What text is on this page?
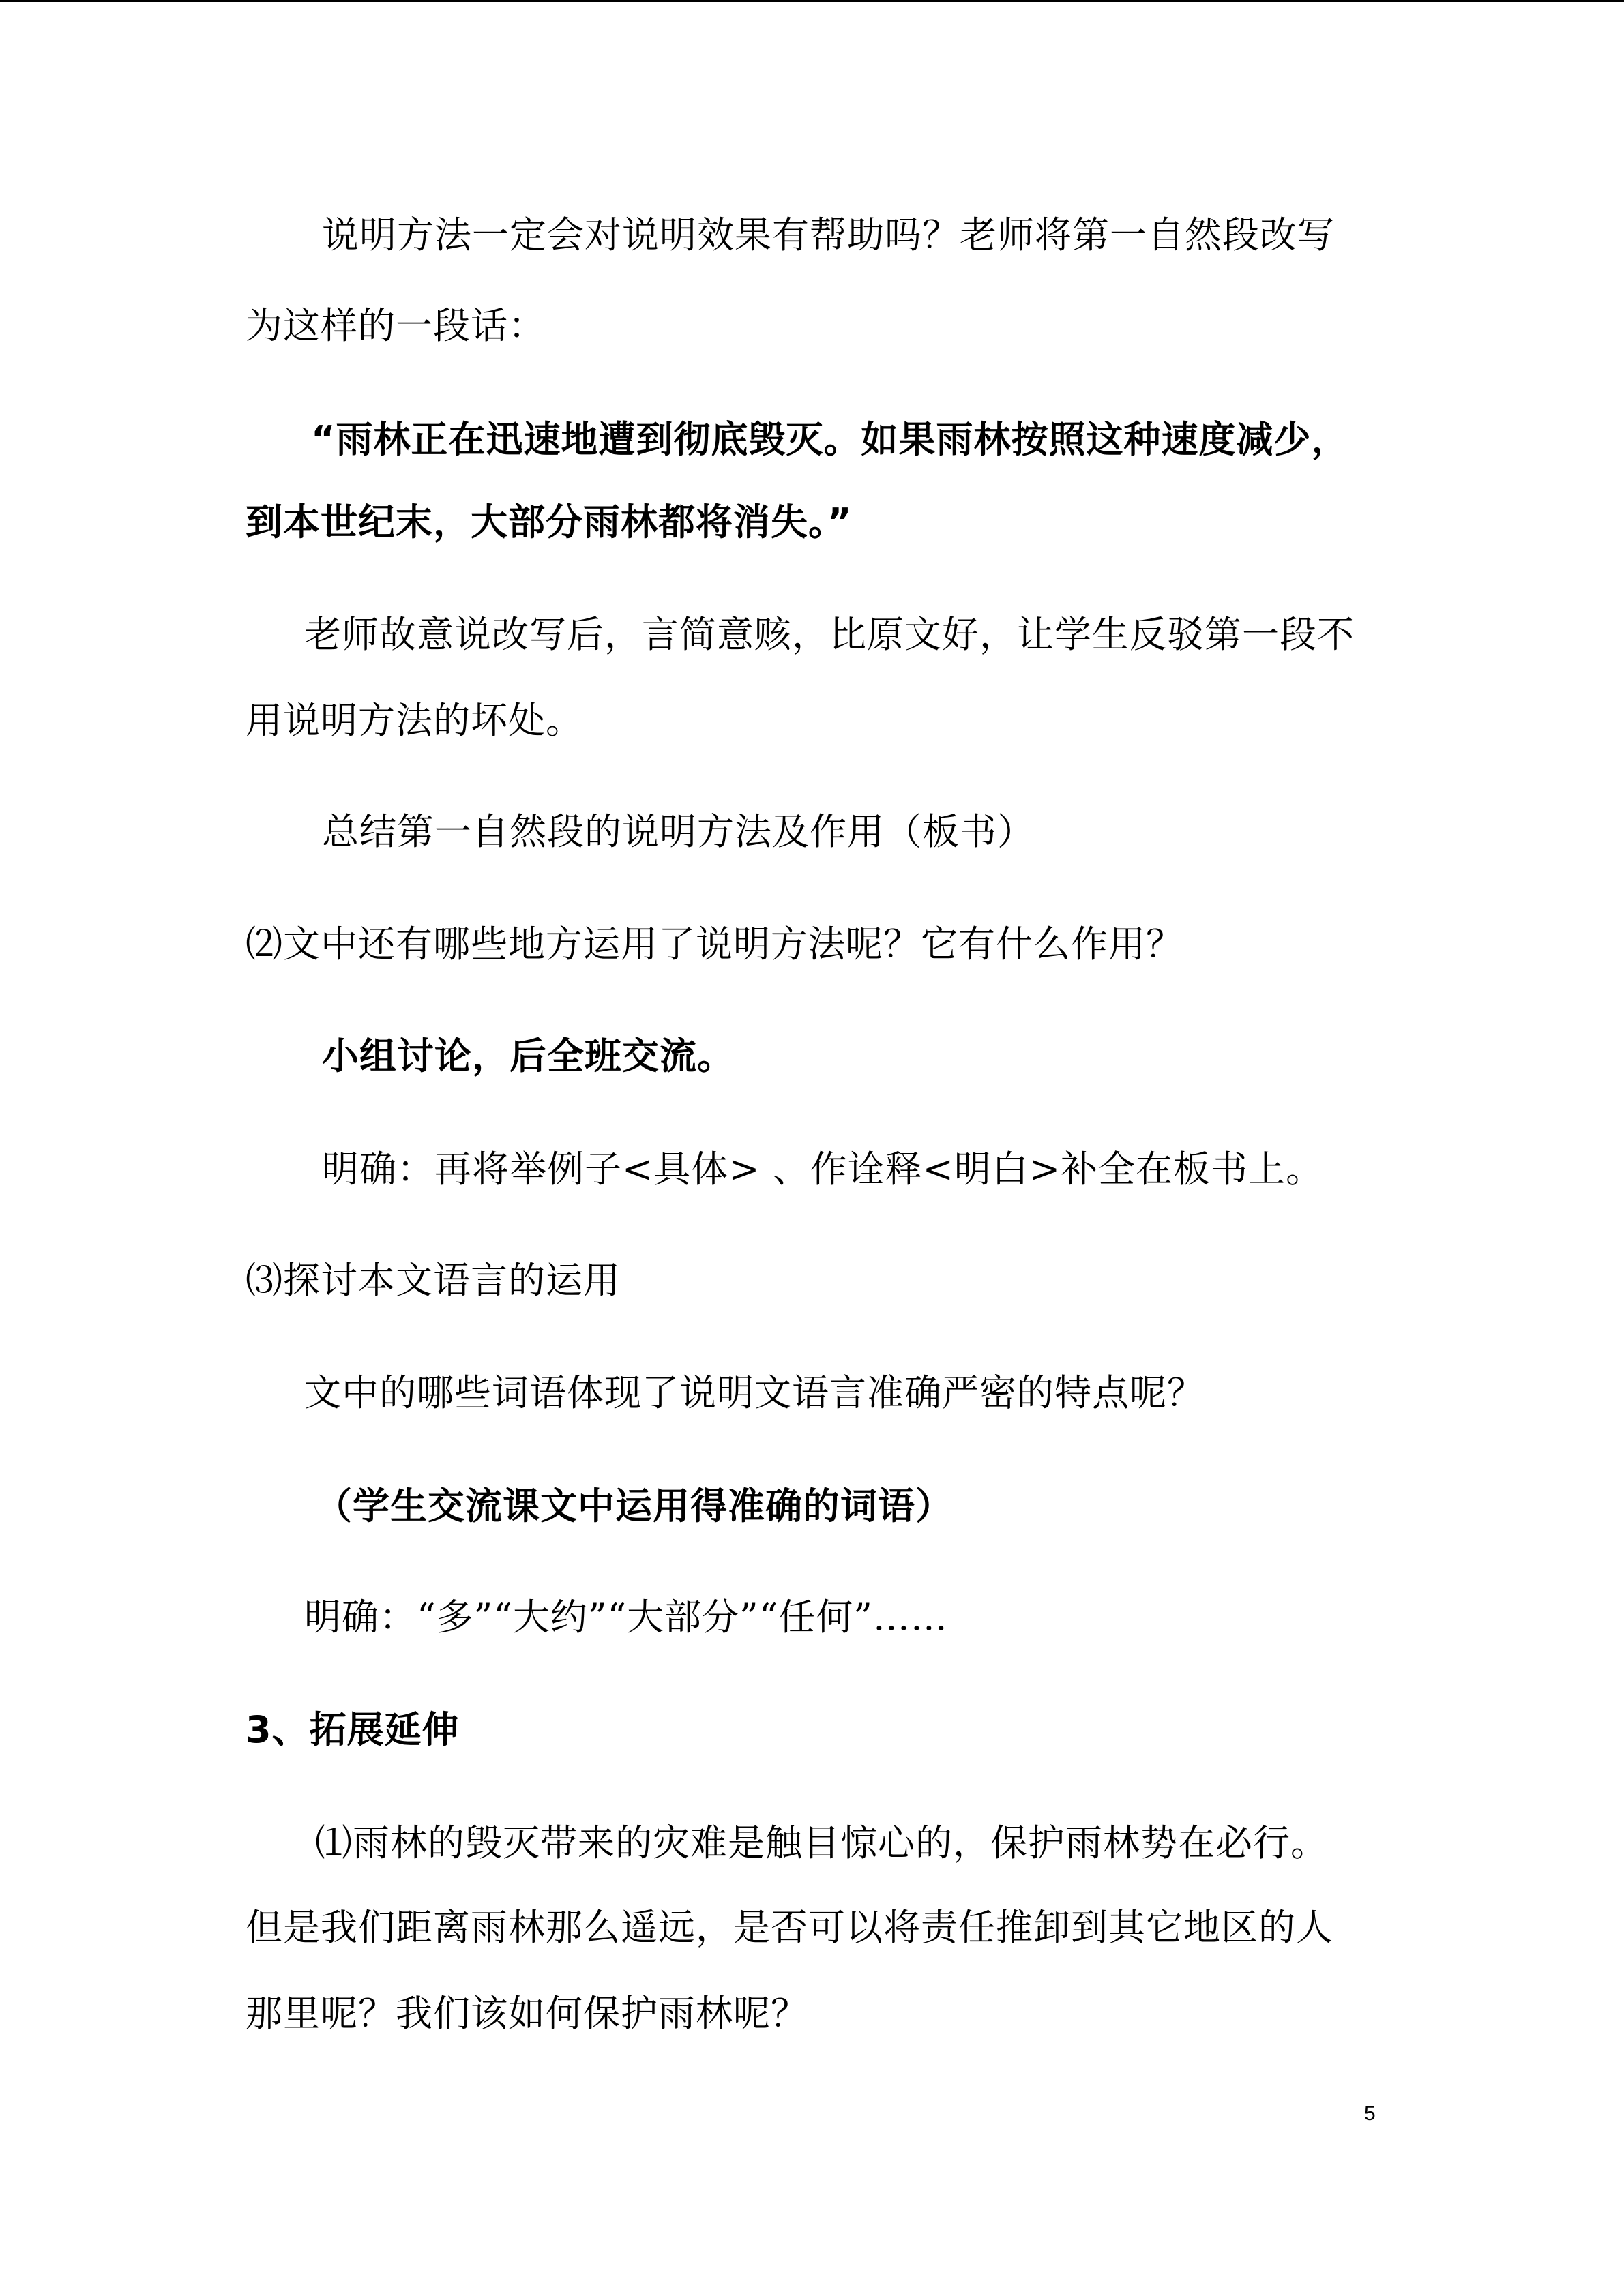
说明方法一定会对说明效果有帮助吗？老师将第一自然段改写
为这样的一段话：
“雨林正在迅速地遭到彻底毁灭。如果雨林按照这种速度减少，
到本世纪末，大部分雨林都将消失。”
老师故意说改写后，言简意赅，比原文好，让学生反驳第一段不
用说明方法的坏处。
总结第一自然段的说明方法及作用（板书）
⑵文中还有哪些地方运用了说明方法呢？它有什么作用？
小组讨论，后全班交流。
明确：再将举例子<具体> 、作诠释<明白>补全在板书上。
⑶探讨本文语言的运用
文中的哪些词语体现了说明文语言准确严密的特点呢？
（学生交流课文中运用得准确的词语）
明确：“多”“大约”“大部分”“任何”……
3、拓展延伸
⑴雨林的毁灭带来的灾难是触目惊心的，保护雨林势在必行。
但是我们距离雨林那么遥远，是否可以将责任推卸到其它地区的人
那里呢？我们该如何保护雨林呢？
5
